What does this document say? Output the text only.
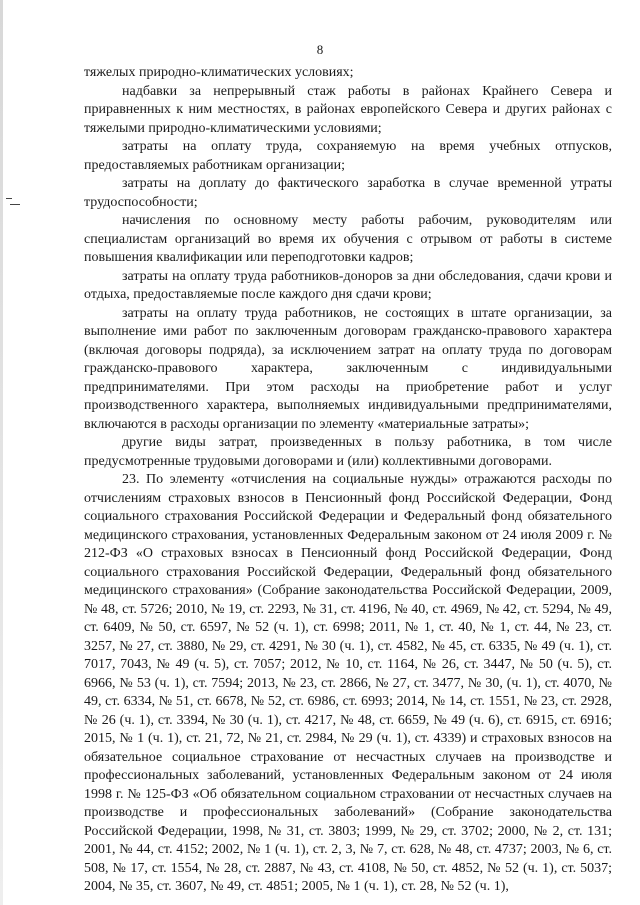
8

тяжелых природно-климатических условиях;

надбавки за непрерывный стаж работы в районах Крайнего Севера и приравненных к ним местностях, в районах европейского Севера и других районах с тяжелыми природно-климатическими условиями;

затраты на оплату труда, сохраняемую на время учебных отпусков, предоставляемых работникам организации;

затраты на доплату до фактического заработка в случае временной утраты трудоспособности;

начисления по основному месту работы рабочим, руководителям или специалистам организаций во время их обучения с отрывом от работы в системе повышения квалификации или переподготовки кадров;

затраты на оплату труда работников-доноров за дни обследования, сдачи крови и отдыха, предоставляемые после каждого дня сдачи крови;

затраты на оплату труда работников, не состоящих в штате организации, за выполнение ими работ по заключенным договорам гражданско-правового характера (включая договоры подряда), за исключением затрат на оплату труда по договорам гражданско-правового характера, заключенным с индивидуальными предпринимателями. При этом расходы на приобретение работ и услуг производственного характера, выполняемых индивидуальными предпринимателями, включаются в расходы организации по элементу «материальные затраты»;

другие виды затрат, произведенных в пользу работника, в том числе предусмотренные трудовыми договорами и (или) коллективными договорами.

23. По элементу «отчисления на социальные нужды» отражаются расходы по отчислениям страховых взносов в Пенсионный фонд Российской Федерации, Фонд социального страхования Российской Федерации и Федеральный фонд обязательного медицинского страхования, установленных Федеральным законом от 24 июля 2009 г. № 212-ФЗ «О страховых взносах в Пенсионный фонд Российской Федерации, Фонд социального страхования Российской Федерации, Федеральный фонд обязательного медицинского страхования» (Собрание законодательства Российской Федерации, 2009, № 48, ст. 5726; 2010, № 19, ст. 2293, № 31, ст. 4196, № 40, ст. 4969, № 42, ст. 5294, № 49, ст. 6409, № 50, ст. 6597, № 52 (ч. 1), ст. 6998; 2011, № 1, ст. 40, № 1, ст. 44, № 23, ст. 3257, № 27, ст. 3880, № 29, ст. 4291, № 30 (ч. 1), ст. 4582, № 45, ст. 6335, № 49 (ч. 1), ст. 7017, 7043, № 49 (ч. 5), ст. 7057; 2012, № 10, ст. 1164, № 26, ст. 3447, № 50 (ч. 5), ст. 6966, № 53 (ч. 1), ст. 7594; 2013, № 23, ст. 2866, № 27, ст. 3477, № 30, (ч. 1), ст. 4070, № 49, ст. 6334, № 51, ст. 6678, № 52, ст. 6986, ст. 6993; 2014, № 14, ст. 1551, № 23, ст. 2928, № 26 (ч. 1), ст. 3394, № 30 (ч. 1), ст. 4217, № 48, ст. 6659, № 49 (ч. 6), ст. 6915, ст. 6916; 2015, № 1 (ч. 1), ст. 21, 72, № 21, ст. 2984, № 29 (ч. 1), ст. 4339) и страховых взносов на обязательное социальное страхование от несчастных случаев на производстве и профессиональных заболеваний, установленных Федеральным законом от 24 июля 1998 г. № 125-ФЗ «Об обязательном социальном страховании от несчастных случаев на производстве и профессиональных заболеваний» (Собрание законодательства Российской Федерации, 1998, № 31, ст. 3803; 1999, № 29, ст. 3702; 2000, № 2, ст. 131; 2001, № 44, ст. 4152; 2002, № 1 (ч. 1), ст. 2, 3, № 7, ст. 628, № 48, ст. 4737; 2003, № 6, ст. 508, № 17, ст. 1554, № 28, ст. 2887, № 43, ст. 4108, № 50, ст. 4852, № 52 (ч. 1), ст. 5037; 2004, № 35, ст. 3607, № 49, ст. 4851; 2005, № 1 (ч. 1), ст. 28, № 52 (ч. 1),
